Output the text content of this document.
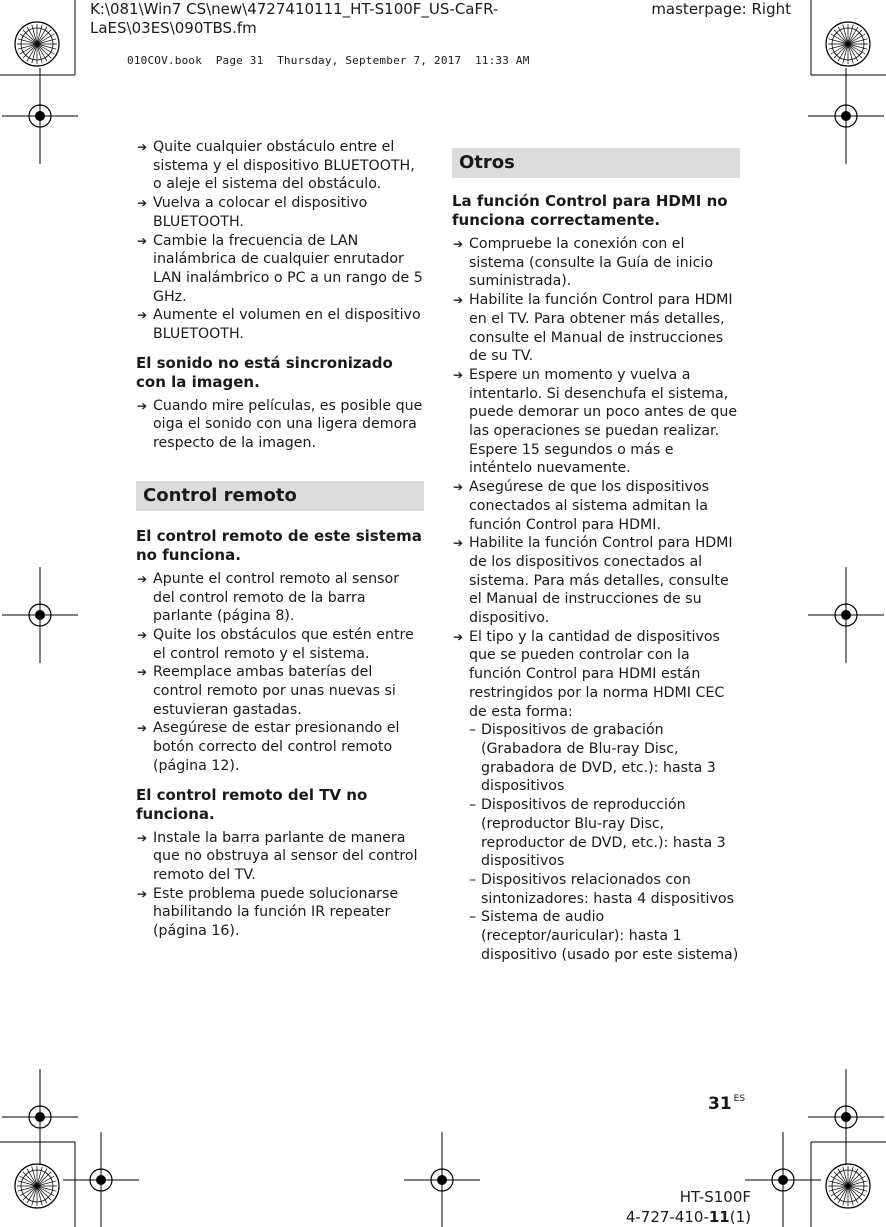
K:\081\Win7 CS\new\4727410111_HT-S100F_US-CaFR-LaES\03ES\090TBS.fm
masterpage: Right
010COV.book  Page 31  Thursday, September 7, 2017  11:33 AM
➔ Quite cualquier obstáculo entre el sistema y el dispositivo BLUETOOTH, o aleje el sistema del obstáculo.
➔ Vuelva a colocar el dispositivo BLUETOOTH.
➔ Cambie la frecuencia de LAN inalámbrica de cualquier enrutador LAN inalámbrico o PC a un rango de 5 GHz.
➔ Aumente el volumen en el dispositivo BLUETOOTH.
El sonido no está sincronizado con la imagen.
➔ Cuando mire películas, es posible que oiga el sonido con una ligera demora respecto de la imagen.
Control remoto
El control remoto de este sistema no funciona.
➔ Apunte el control remoto al sensor del control remoto de la barra parlante (página 8).
➔ Quite los obstáculos que estén entre el control remoto y el sistema.
➔ Reemplace ambas baterías del control remoto por unas nuevas si estuvieran gastadas.
➔ Asegúrese de estar presionando el botón correcto del control remoto (página 12).
El control remoto del TV no funciona.
➔ Instale la barra parlante de manera que no obstruya al sensor del control remoto del TV.
➔ Este problema puede solucionarse habilitando la función IR repeater (página 16).
Otros
La función Control para HDMI no funciona correctamente.
➔ Compruebe la conexión con el sistema (consulte la Guía de inicio suministrada).
➔ Habilite la función Control para HDMI en el TV. Para obtener más detalles, consulte el Manual de instrucciones de su TV.
➔ Espere un momento y vuelva a intentarlo. Si desenchufa el sistema, puede demorar un poco antes de que las operaciones se puedan realizar. Espere 15 segundos o más e inténtelo nuevamente.
➔ Asegúrese de que los dispositivos conectados al sistema admitan la función Control para HDMI.
➔ Habilite la función Control para HDMI de los dispositivos conectados al sistema. Para más detalles, consulte el Manual de instrucciones de su dispositivo.
➔ El tipo y la cantidad de dispositivos que se pueden controlar con la función Control para HDMI están restringidos por la norma HDMI CEC de esta forma:
– Dispositivos de grabación (Grabadora de Blu-ray Disc, grabadora de DVD, etc.): hasta 3 dispositivos
– Dispositivos de reproducción (reproductor Blu-ray Disc, reproductor de DVD, etc.): hasta 3 dispositivos
– Dispositivos relacionados con sintonizadores: hasta 4 dispositivos
– Sistema de audio (receptor/auricular): hasta 1 dispositivo (usado por este sistema)
31 $^{ES}$
HT-S100F
4-727-410-11(1)
